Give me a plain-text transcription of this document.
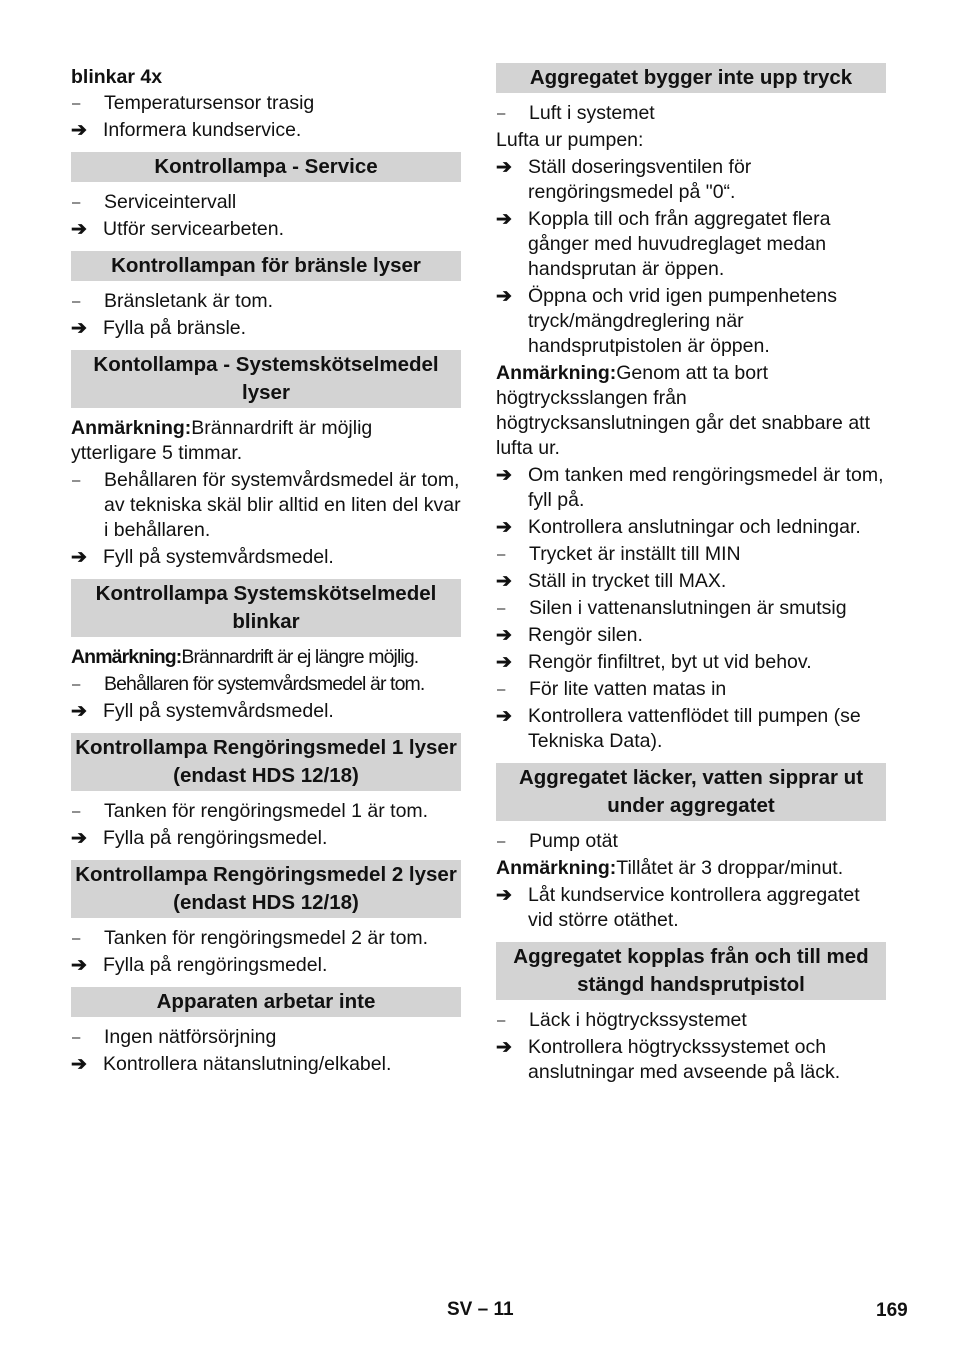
blinkar 4x
–	Temperatursensor trasig
➔ Informera kundservice.
Kontrollampa - Service
–	Serviceintervall
➔ Utför servicearbeten.
Kontrollampan för bränsle lyser
–	Bränsletank är tom.
➔ Fylla på bränsle.
Kontollampa - Systemskötselmedel lyser
Anmärkning:Brännardrift är möjlig ytterligare 5 timmar.
–	Behållaren för systemvårdsmedel är tom, av tekniska skäl blir alltid en liten del kvar i behållaren.
➔ Fyll på systemvårdsmedel.
Kontrollampa Systemskötselmedel blinkar
Anmärkning:Brännardrift är ej längre möjlig.
–	Behållaren för systemvårdsmedel är tom.
➔ Fyll på systemvårdsmedel.
Kontrollampa Rengöringsmedel 1 lyser (endast HDS 12/18)
–	Tanken för rengöringsmedel 1 är tom.
➔ Fylla på rengöringsmedel.
Kontrollampa Rengöringsmedel 2 lyser (endast HDS 12/18)
–	Tanken för rengöringsmedel 2 är tom.
➔ Fylla på rengöringsmedel.
Apparaten arbetar inte
–	Ingen nätförsörjning
➔ Kontrollera nätanslutning/elkabel.
Aggregatet bygger inte upp tryck
–	Luft i systemet
Lufta ur pumpen:
➔ Ställ doseringsventilen för rengöringsmedel på "0“.
➔ Koppla till och från aggregatet flera gånger med huvudreglaget medan handsprutan är öppen.
➔ Öppna och vrid igen pumpenhetens tryck/mängdreglering när handsprutpistolen är öppen.
Anmärkning:Genom att ta bort högtrycksslangen från högtrycksanslutningen går det snabbare att lufta ur.
➔ Om tanken med rengöringsmedel är tom, fyll på.
➔ Kontrollera anslutningar och ledningar.
–	Trycket är inställt till MIN
➔ Ställ in trycket till MAX.
–	Silen i vattenanslutningen är smutsig
➔ Rengör silen.
➔ Rengör finfiltret, byt ut vid behov.
–	För lite vatten matas in
➔ Kontrollera vattenflödet till pumpen (se Tekniska Data).
Aggregatet läcker, vatten sipprar ut under aggregatet
–	Pump otät
Anmärkning:Tillåtet är 3 droppar/minut.
➔ Låt kundservice kontrollera aggregatet vid större otäthet.
Aggregatet kopplas från och till med stängd handsprutpistol
–	Läck i högtryckssystemet
➔ Kontrollera högtryckssystemet och anslutningar med avseende på läck.
SV – 11	169
